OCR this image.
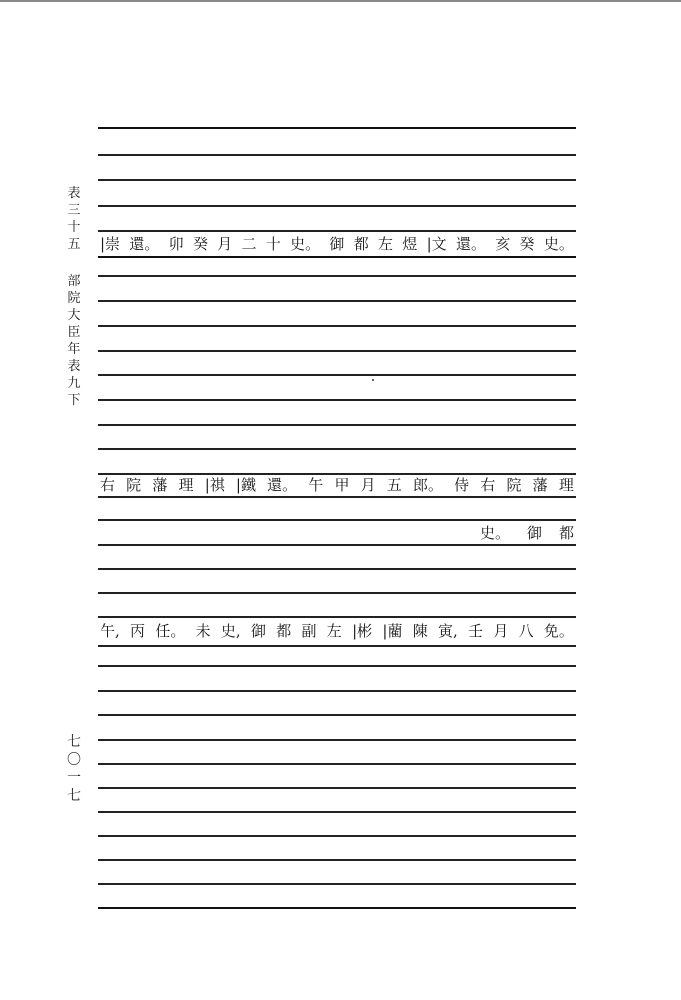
表
三
十
五
部
院
大
臣
年
表
九
下
七
〇
一
七
|崇 還。 卯 癸 月 二 十 史。 御 都 左 煜 |文 還。 亥 癸 史。
右 院 藩 理 |祺 |鐵 還。 午 甲 月 五 郎。 侍 右 院 藩 理
史。 御 都
午, 丙 任。 未 史, 御 都 副 左 |彬 |藺 陳 寅, 壬 月 八 免。
